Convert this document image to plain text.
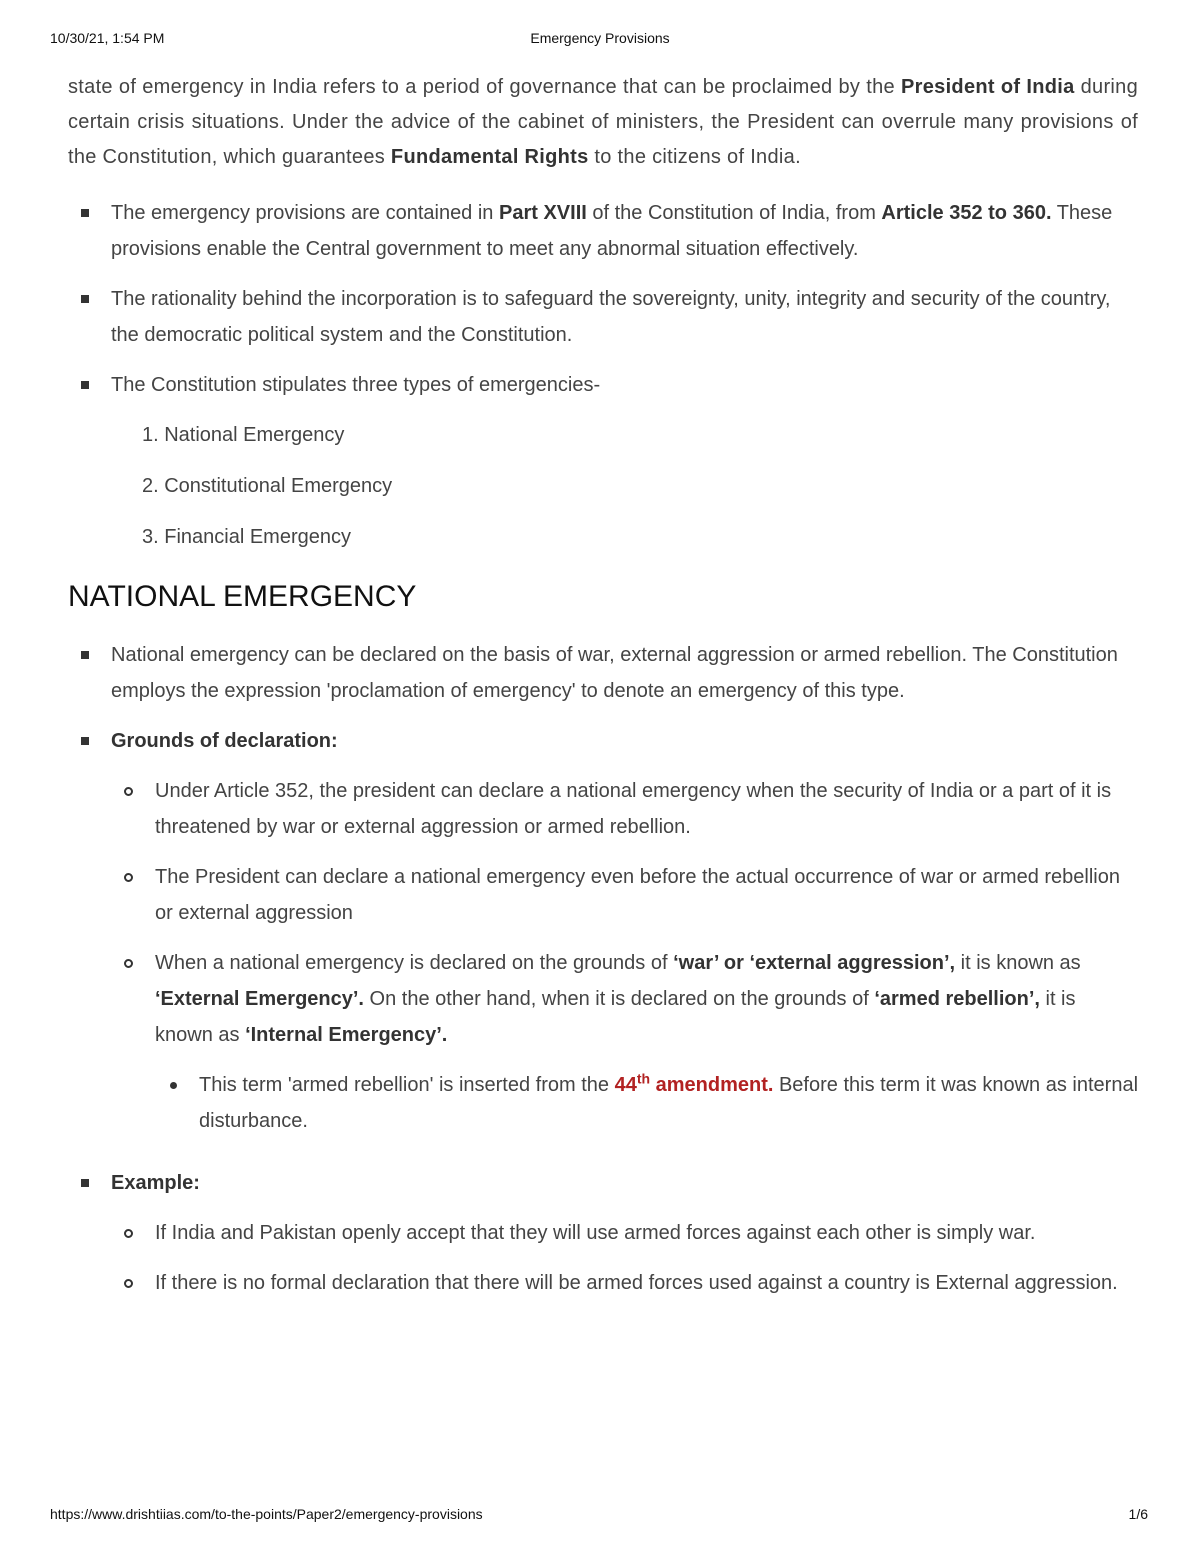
Emergency Provisions
10/30/21, 1:54 PM

state of emergency in India refers to a period of governance that can be proclaimed by the President of India during certain crisis situations. Under the advice of the cabinet of ministers, the President can overrule many provisions of the Constitution, which guarantees Fundamental Rights to the citizens of India.

The emergency provisions are contained in Part XVIII of the Constitution of India, from Article 352 to 360. These provisions enable the Central government to meet any abnormal situation effectively.
The rationality behind the incorporation is to safeguard the sovereignty, unity, integrity and security of the country, the democratic political system and the Constitution.
The Constitution stipulates three types of emergencies-
1. National Emergency
2. Constitutional Emergency
3. Financial Emergency
NATIONAL EMERGENCY
National emergency can be declared on the basis of war, external aggression or armed rebellion. The Constitution employs the expression 'proclamation of emergency' to denote an emergency of this type.
Grounds of declaration:
Under Article 352, the president can declare a national emergency when the security of India or a part of it is threatened by war or external aggression or armed rebellion.
The President can declare a national emergency even before the actual occurrence of war or armed rebellion or external aggression
When a national emergency is declared on the grounds of ‘war’ or ‘external aggression’, it is known as ‘External Emergency’. On the other hand, when it is declared on the grounds of ‘armed rebellion’, it is known as ‘Internal Emergency’.
This term 'armed rebellion' is inserted from the 44th amendment. Before this term it was known as internal disturbance.
Example:
If India and Pakistan openly accept that they will use armed forces against each other is simply war.
If there is no formal declaration that there will be armed forces used against a country is External aggression.
https://www.drishtiias.com/to-the-points/Paper2/emergency-provisions	1/6
